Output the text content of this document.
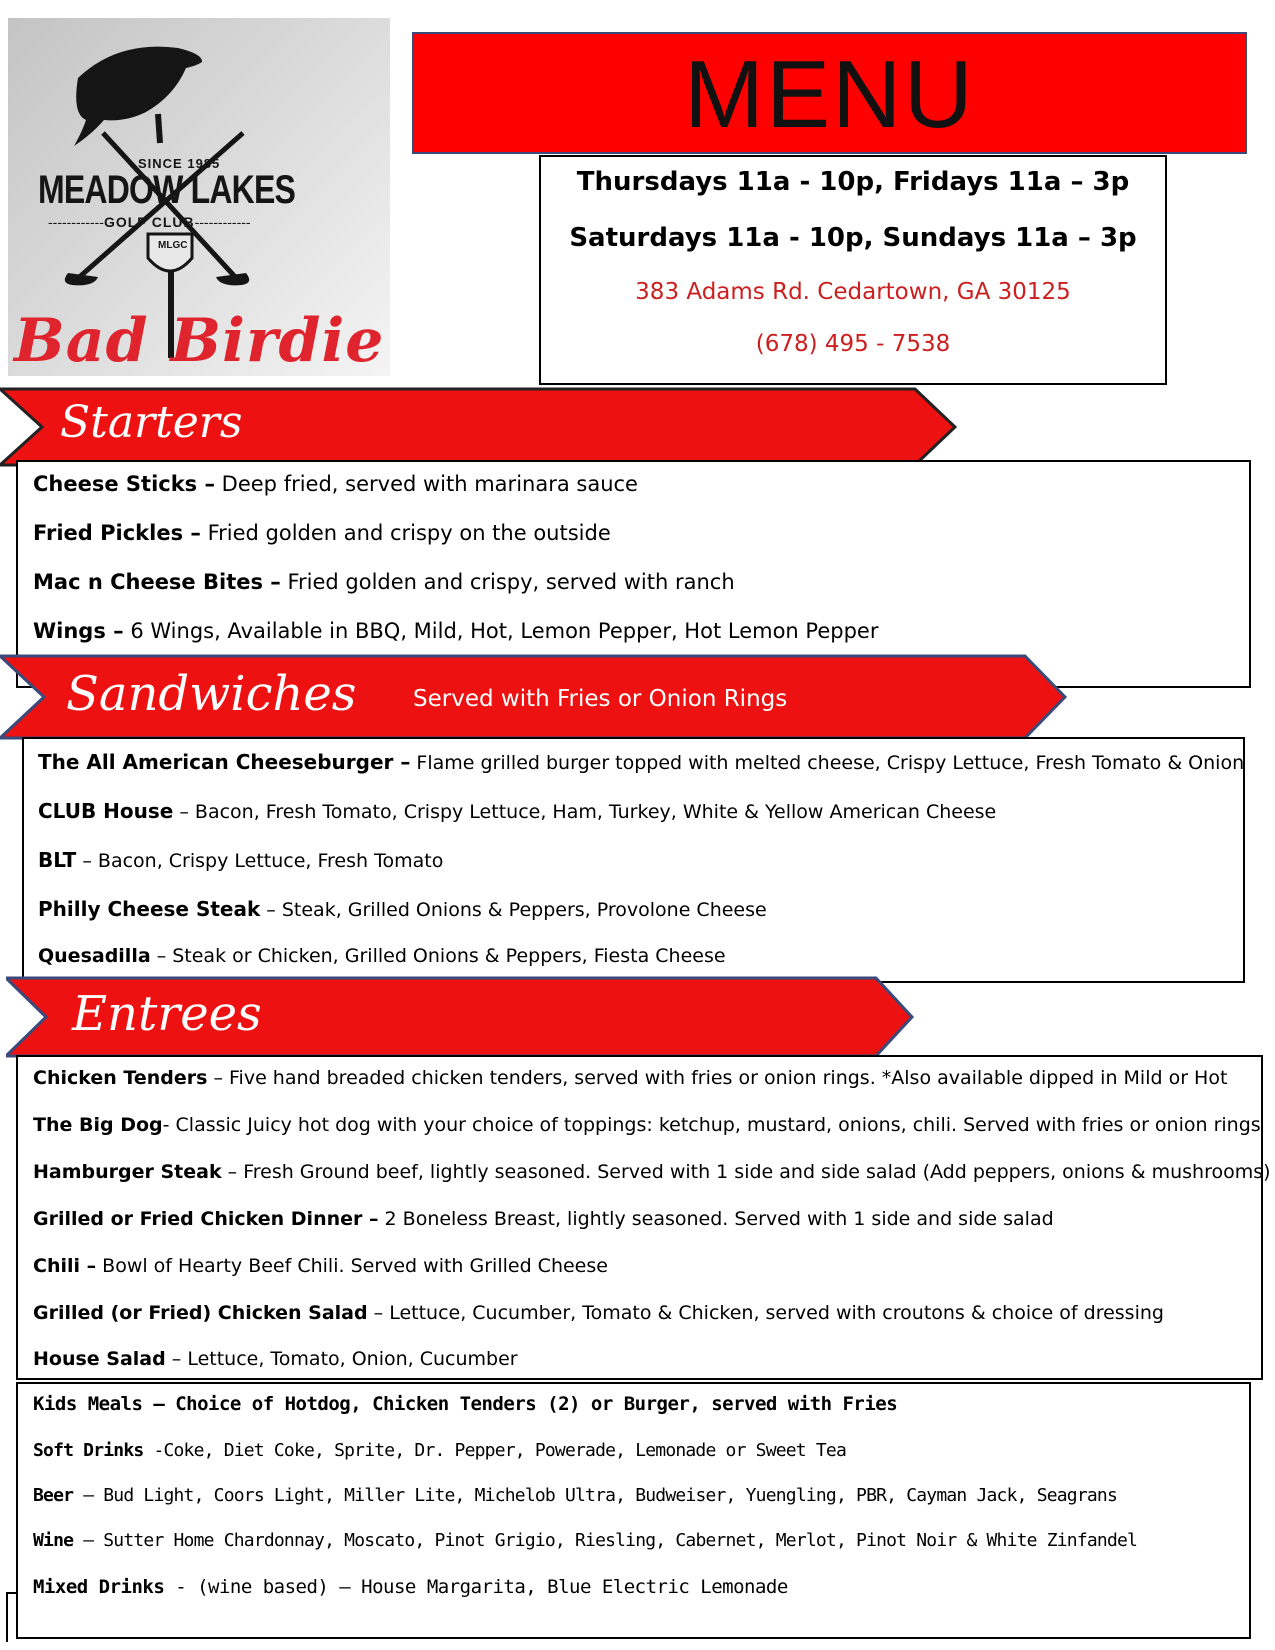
SINCE 1985
MEADOW LAKES
------------GOLF CLUB------------
MLGC
Bad Birdie
MENU
Thursdays 11a - 10p, Fridays 11a – 3p
Saturdays 11a - 10p, Sundays 11a – 3p
383 Adams Rd. Cedartown, GA 30125
(678) 495 - 7538
Starters
Cheese Sticks – Deep fried, served with marinara sauce
Fried Pickles – Fried golden and crispy on the outside
Mac n Cheese Bites – Fried golden and crispy, served with ranch
Wings – 6 Wings, Available in BBQ, Mild, Hot, Lemon Pepper, Hot Lemon Pepper
Sandwiches Served with Fries or Onion Rings
The All American Cheeseburger – Flame grilled burger topped with melted cheese, Crispy Lettuce, Fresh Tomato & Onion
CLUB House – Bacon, Fresh Tomato, Crispy Lettuce, Ham, Turkey, White & Yellow American Cheese
BLT – Bacon, Crispy Lettuce, Fresh Tomato
Philly Cheese Steak – Steak, Grilled Onions & Peppers, Provolone Cheese
Quesadilla – Steak or Chicken, Grilled Onions & Peppers, Fiesta Cheese
Entrees
Chicken Tenders – Five hand breaded chicken tenders, served with fries or onion rings. *Also available dipped in Mild or Hot
The Big Dog- Classic Juicy hot dog with your choice of toppings: ketchup, mustard, onions, chili. Served with fries or onion rings
Hamburger Steak – Fresh Ground beef, lightly seasoned. Served with 1 side and side salad (Add peppers, onions & mushrooms)
Grilled or Fried Chicken Dinner – 2 Boneless Breast, lightly seasoned. Served with 1 side and side salad
Chili – Bowl of Hearty Beef Chili. Served with Grilled Cheese
Grilled (or Fried) Chicken Salad – Lettuce, Cucumber, Tomato & Chicken, served with croutons & choice of dressing
House Salad – Lettuce, Tomato, Onion, Cucumber
Kids Meals – Choice of Hotdog, Chicken Tenders (2) or Burger, served with Fries
Soft Drinks -Coke, Diet Coke, Sprite, Dr. Pepper, Powerade, Lemonade or Sweet Tea
Beer – Bud Light, Coors Light, Miller Lite, Michelob Ultra, Budweiser, Yuengling, PBR, Cayman Jack, Seagrans
Wine – Sutter Home Chardonnay, Moscato, Pinot Grigio, Riesling, Cabernet, Merlot, Pinot Noir & White Zinfandel
Mixed Drinks - (wine based) – House Margarita, Blue Electric Lemonade
